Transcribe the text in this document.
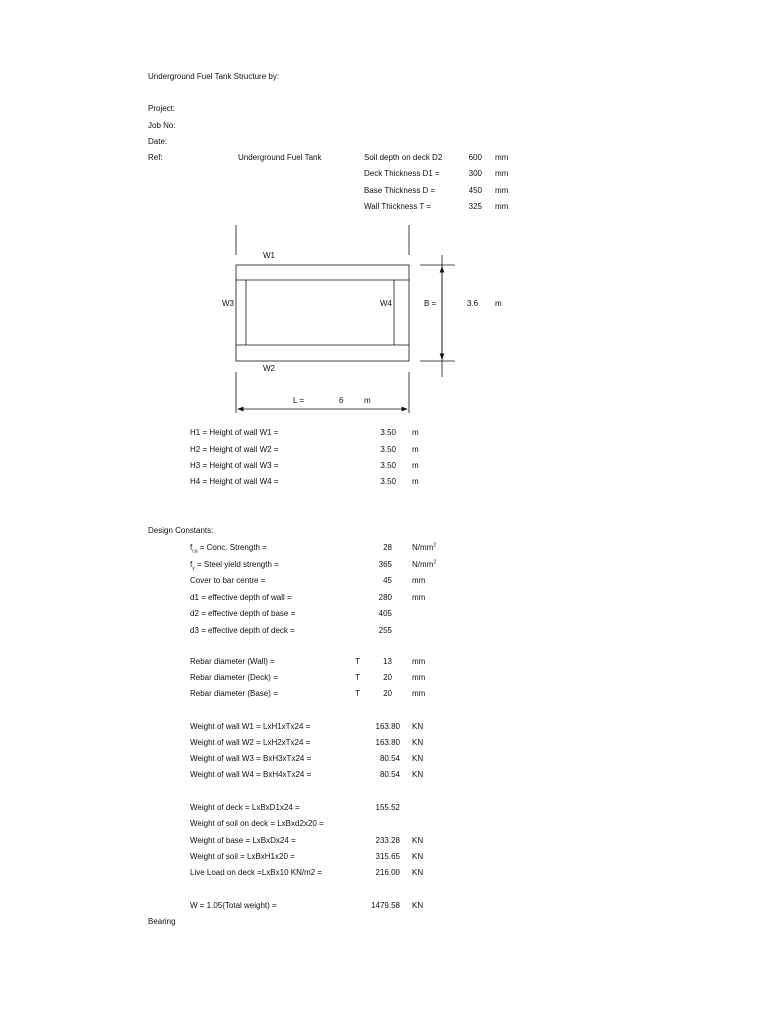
Underground Fuel Tank Structure by:
Project:
Job No:
Date:
Ref:	Underground Fuel Tank	Soil depth on deck D2	600 mm
Deck Thickness D1 =	300 mm
Base Thickness D =	450 mm
Wall Thickness T =	325 mm
W1
W2
W3	W4	B =	3.6 m
L =	6	m
H1 = Height of wall W1 =	3.50 m
H2 = Height of wall W2 =	3.50 m
H3 = Height of wall W3 =	3.50 m
H4 = Height of wall W4 =	3.50 m
Design Constants:
$f_{cu}$ = Conc. Strength =	28	$N/mm^2$
$f_y$ = Steel yield strength =	365	$N/mm^2$
Cover to bar centre =	45	mm
d1 = effective depth of wall =	280	mm
d2 = effective depth of base =	405
d3 = effective depth of deck =	255
Rebar diameter (Wall) =	T	13	mm
Rebar diameter (Deck) =	T	20	mm
Rebar diameter (Base) =	T	20	mm
Weight of wall W1 = LxH1xTx24 =	163.80 KN
Weight of wall W2 = LxH2xTx24 =	163.80 KN
Weight of wall W3 = BxH3xTx24 =	80.54 KN
Weight of wall W4 = BxH4xTx24 =	80.54 KN
Weight of deck = LxBxD1x24 =	155.52
Weight of soil on deck = LxBxd2x20 =
Weight of base = LxBxDx24 =	233.28 KN
Weight of soil = LxBxH1x20 =	315.65 KN
Live Load on deck =LxBx10 KN/m2 =	216.00 KN
W = 1.05(Total weight) =	1479.58 KN
Bearing
